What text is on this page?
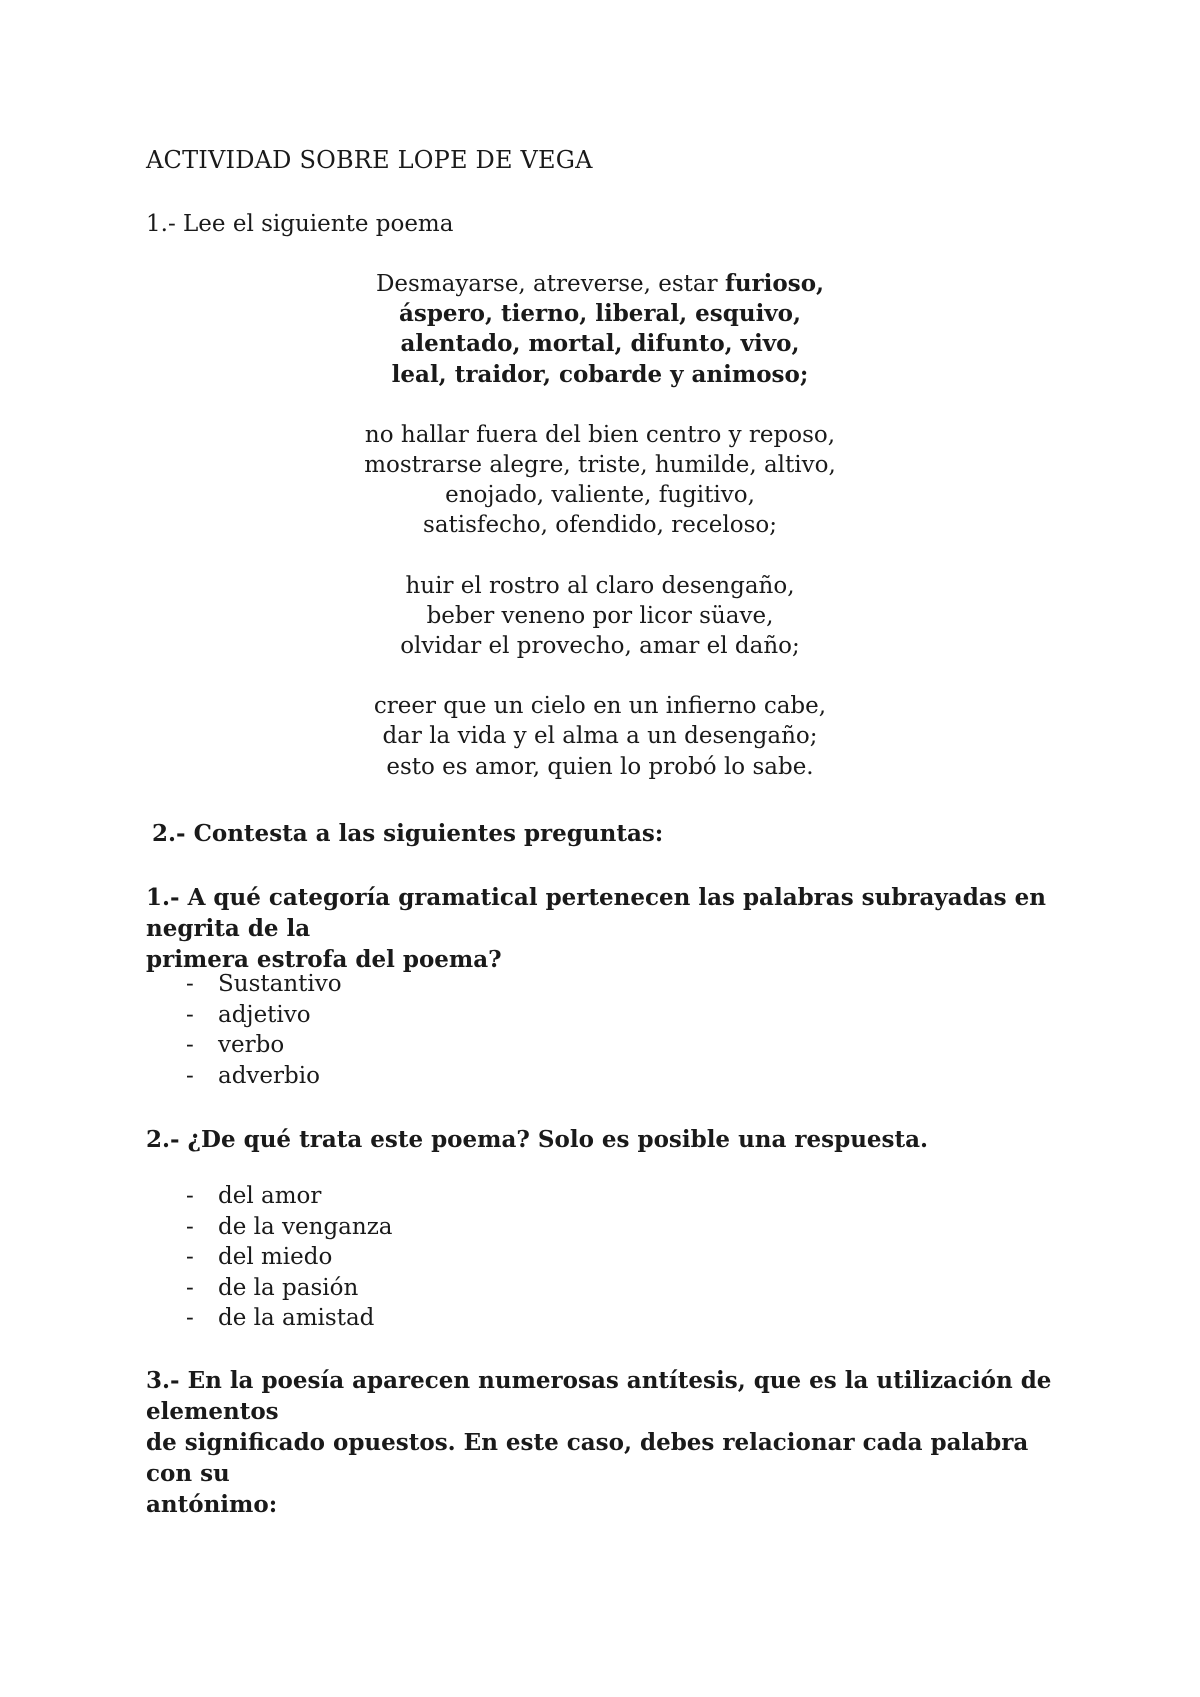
ACTIVIDAD SOBRE LOPE DE VEGA
1.- Lee el siguiente poema
Desmayarse, atreverse, estar furioso,
áspero, tierno, liberal, esquivo,
alentado, mortal, difunto, vivo,
leal, traidor, cobarde y animoso;
no hallar fuera del bien centro y reposo,
mostrarse alegre, triste, humilde, altivo,
enojado, valiente, fugitivo,
satisfecho, ofendido, receloso;
huir el rostro al claro desengaño,
beber veneno por licor süave,
olvidar el provecho, amar el daño;
creer que un cielo en un infierno cabe,
dar la vida y el alma a un desengaño;
esto es amor, quien lo probó lo sabe.
2.- Contesta a las siguientes preguntas:
1.- A qué categoría gramatical pertenecen las palabras subrayadas en negrita de la
primera estrofa del poema?
- Sustantivo
- adjetivo
- verbo
- adverbio
2.- ¿De qué trata este poema? Solo es posible una respuesta.
- del amor
- de la venganza
- del miedo
- de la pasión
- de la amistad
3.- En la poesía aparecen numerosas antítesis, que es la utilización de elementos
de significado opuestos. En este caso, debes relacionar cada palabra con su
antónimo:
